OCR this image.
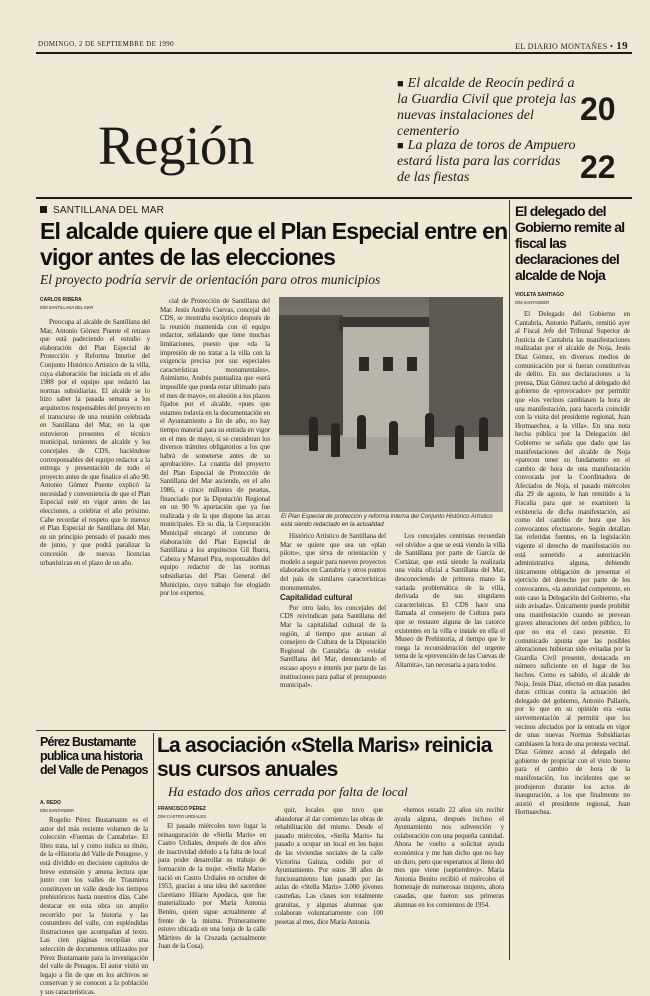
DOMINGO, 2 DE SEPTIEMBRE DE 1990	EL DIARIO MONTAÑES • 19
Región
■ El alcalde de Reocín pedirá a la Guardia Civil que proteja las nuevas instalaciones del cementerio
20
■ La plaza de toros de Ampuero estará lista para las corridas de las fiestas	22
SANTILLANA DEL MAR
El alcalde quiere que el Plan Especial entre en vigor antes de las elecciones
El proyecto podría servir de orientación para otros municipios
CARLOS RIBERA
D/M SANTILLANA DEL MAR

Preocupa al alcalde de Santillana del Mar, Antonio Gómez Puente el retraso que está padeciendo el estudio y elaboración del Plan Especial de Protección y Reforma Interior del Conjunto Histórico Artístico de la villa, cuya elaboración fue iniciada en el año 1988 por el equipo que redactó las normas subsidiarias. El alcalde se lo hizo saber la pasada semana a los arquitectos responsables del proyecto en el transcurso de una reunión celebrada en Santillana del Mar, en la que estuvieron presentes el técnico municipal, tenientes de alcalde y los concejales de CDS, haciéndose corresponsables del equipo redactor a la entrega y presentación de todo el proyecto antes de que finalice el año 90. Antonio Gómez Puente explicó la necesidad y conveniencia de que el Plan Especial esté en vigor antes de las elecciones, a celebrar el año próximo. Cabe recordar el respeto que le merece el Plan Especial de Santillana del Mar, en un principio pensado el pasado mes de junio, y que podrá paralizar la concesión de nuevas licencias urbanísticas en el plazo de un año.

cial de Protección de Santillana del Mar. Jesús Andrés Cuevas, concejal del CDS, se mostraba escéptico después de la reunión mantenida con el equipo redactor, señalando que tiene muchas limitaciones, puesto que «da la impresión de no tratar a la villa con la exigencia precisa por sus especiales características monumentales». Asimismo, Andrés puntualiza que «será imposible que pueda estar ultimado para el mes de mayo», en alusión a los plazos fijados por el alcalde, «pues que estamos todavía en la documentación en el Ayuntamiento a fin de año, no hay tiempo material para su entrada en vigor en el mes de mayo, si se consideran los diversos trámites obligatorios a los que habrá de someterse antes de su aprobación». La cuantía del proyecto del Plan Especial de Protección de Santillana del Mar asciende, en el año 1986, a cinco millones de pesetas, financiado por la Diputación Regional en un 90 % aportación que ya fue realizada y de la que dispone las arcas municipales. En su día, la Corporación Municipal encargó el concurso de elaboración del Plan Especial de Santillana a los arquitectos Gil Ibarra, Cabeza y Manuel Pira, responsables del equipo redactor de las normas subsidiarias del Plan General del Municipio, cuyo trabajo fue elogiado por los expertos.

El Plan Especial de protección y reforma interna del Conjunto Histórico Artístico está siendo redactado en la actualidad

Histórico Artístico de Santillana del Mar se quiere que sea un «plan piloto», que sirva de orientación y modelo a seguir para nuevos proyectos elaborados en Cantabria y otros puntos del país de similares características monumentales.

Capitalidad cultural

Por otro lado, los concejales del CDS reivindican para Santillana del Mar la capitalidad cultural de la región, al tiempo que acusan al consejero de Cultura de la Diputación Regional de Cantabria de «violar Santillana del Mar, denunciando el escaso apoyo e interés por parte de las instituciones para paliar el presupuesto municipal».

Los concejales centristas recuerdan «el olvido» a que se está viendo la villa de Santillana por parte de García de Cortázar, que está siendo la realizada una visita oficial a Santillana del Mar, desconociendo de primera mano la variada problemática de la villa, derivada de sus singulares características. El CDS hace una llamada al consejero de Cultura para que se restaure alguna de las catorce existentes en la villa e instale en ella el Museo de Prehistoria, al tiempo que le ruega la reconsideración del urgente tema de la «prevención de las Cuevas de Altamira», tan necesaria a para todos.

El delegado del Gobierno remite al fiscal las declaraciones del alcalde de Noja
VIOLETA SANTIAGO
D/M SANTANDER

El Delegado del Gobierno en Cantabria, Antonio Pallarés, remitió ayer al Fiscal Jefe del Tribunal Superior de Justicia de Cantabria las manifestaciones realizadas por el alcalde de Noja, Jesús Díaz Gómez, en diversos medios de comunicación por si fueran constitutivas de delito. En sus declaraciones a la prensa, Díaz Gómez tachó al delegado del gobierno de «provocador» por permitir que «los vecinos cambiasen la hora de una manifestación, para hacerla coincidir con la visita del presidente regional, Juan Hormaechea, a la villa». En una nota hecha pública por la Delegación del Gobierno se señala que dado que las manifestaciones del alcalde de Noja «parecen tener su fundamento en el cambio de hora de una manifestación convocada por la Coordinadora de Afectados de Noja, el pasado miércoles día 29 de agosto, le han remitido a la Fiscalía para que se examinen la existencia de dicha manifestación, así como del cambio de hora que los convocantes efectuaron». Según detallan las referidas fuentes, en la legislación vigente el derecho de manifestación no está sometido a autorización administrativa alguna, debiendo únicamente obligación de presentar el ejercicio del derecho por parte de los convocantes, «la autoridad competente, en este caso la Delegación del Gobierno, «ha sido avisada». Únicamente puede prohibir una manifestación cuando se prevean graves alteraciones del orden público, lo que no era el caso presente. El comunicado apunta que las posibles alteraciones hubieran sido evitadas por la Guardia Civil presente, destacada en número suficiente en el lugar de los hechos. Como es sabido, el alcalde de Noja, Jesús Díaz, efectuó en días pasados duras críticas contra la actuación del delegado del gobierno, Antonio Pallarés, por lo que en su opinión era «una siervementación al permitir que los vecinos afectados por la entrada en vigor de unas nuevas Normas Subsidiarias cambiasen la hora de una protesta vecinal. Díaz Gómez acusó al delegado del gobierno de propiciar con el visto bueno para el cambio de hora de la manifestación, los incidentes que se produjeron durante los actos de inauguración, a los que finalmente no asistió el presidente regional, Juan Hormaechea.

Pérez Bustamante publica una historia del Valle de Penagos
A. REDO
D/M SANTANDER

Rogelio Pérez Bustamante es el autor del más reciente volumen de la colección «Fuentas de Cantabria». El libro trata, tal y como indica su título, de la «Historia del Valle de Penagos», y está dividido en diecisiete capítulos de breve extensión y amena lectura que junto con los valles de Trasmiera constituyen un valle desde los tiempos prehistóricos hasta nuestros días. Cabe destacar en esta obra un amplio recorrido por la historia y las costumbres del valle, con espléndidas ilustraciones que acompañan al texto. Las cien páginas recopilan una selección de documentos utilizados por Pérez Bustamante para la investigación del valle de Penagos. El autor visitó un legajo a fin de que en los archivos se conservan y se conocen a la población y sus características.

La asociación «Stella Maris» reinicia sus cursos anuales
Ha estado dos años cerrada por falta de local
FRANCISCO PÉREZ
D/M CASTRO URDIALES

El pasado miércoles tuvo lugar la reinauguración de «Stella Maris» en Castro Urdiales, después de dos años de inactividad debido a la falta de local para poder desarrollar su trabajo de formación de la mujer. «Stella Maris» nació en Castro Urdiales en octubre de 1953, gracias a una idea del sacerdote claretiano Hilario Apodaca, que fue materializado por María Antonia Benito, quien sigue actualmente al frente de la misma. Primeramente estuvo ubicada en una lonja de la calle Mártires de la Cruzada (actualmente Juan de la Cosa).

quir, locales que tuvo que abandonar al dar comienzo las obras de rehabilitación del mismo. Desde el pasado miércoles, «Stella Maris» ha pasado a ocupar un local en los bajos de las viviendas sociales de la calle Victorina Gaínza, cedido por el Ayuntamiento. Por estos 38 años de funcionamiento han pasado por las aulas de «Stella Maris» 3.000 jóvenes castreñas. Las clases son totalmente gratuitas, y algunas alumnas que colaboran voluntariamente con 100 pesetas al mes, dice María Antonia.

«hemos estado 22 años sin recibir ayuda alguna, después incluso el Ayuntamiento nos subvención y colaboración con una pequeña cantidad. Ahora he vuelto a solicitar ayuda económica y me han dicho que no hay un duro, pero que esperamos al lleno del mes que viene (septiembre)». María Antonia Benito recibió el miércoles el homenaje de numerosas mujeres, ahora casadas, que fueron sus primeras alumnas en los comienzos de 1954.
